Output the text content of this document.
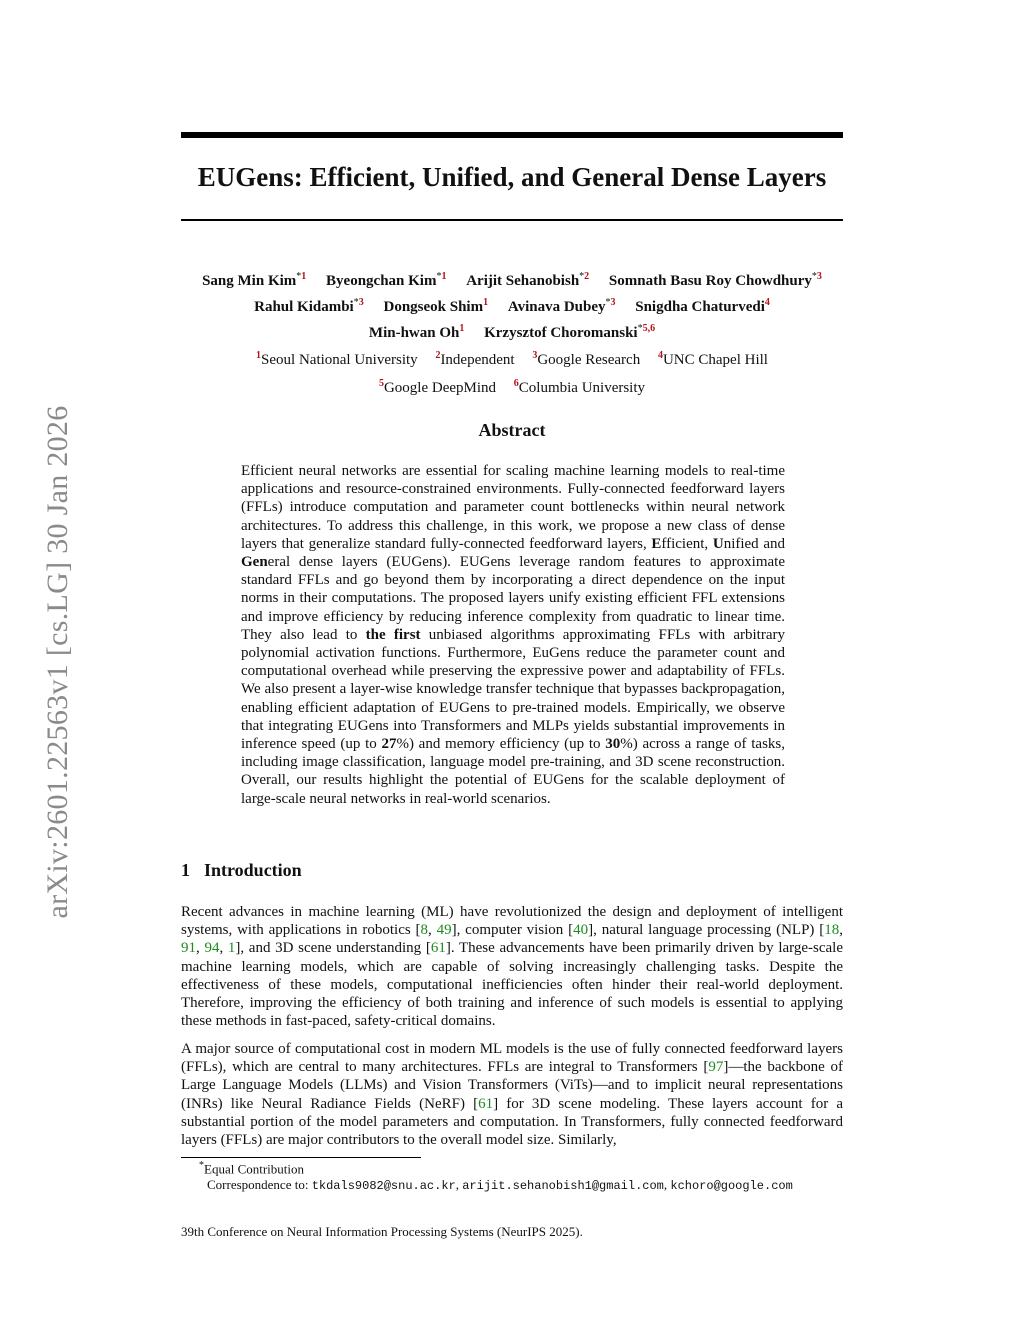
arXiv:2601.22563v1 [cs.LG] 30 Jan 2026
EUGens: Efficient, Unified, and General Dense Layers
Sang Min Kim$^{*1}$ Byeongchan Kim$^{*1}$ Arijit Sehanobish$^{*2}$ Somnath Basu Roy Chowdhury$^{*3}$
Rahul Kidambi$^{*3}$ Dongseok Shim$^1$ Avinava Dubey$^{*3}$ Snigdha Chaturvedi$^4$
Min-hwan Oh$^1$ Krzysztof Choromanski$^{*5,6}$
$^1$Seoul National University $^2$Independent $^3$Google Research $^4$UNC Chapel Hill
$^5$Google DeepMind $^6$Columbia University
Abstract

Efficient neural networks are essential for scaling machine learning models to real-time applications and resource-constrained environments. Fully-connected feedforward layers (FFLs) introduce computation and parameter count bottlenecks within neural network architectures. To address this challenge, in this work, we propose a new class of dense layers that generalize standard fully-connected feedforward layers, Efficient, Unified and General dense layers (EUGens). EUGens leverage random features to approximate standard FFLs and go beyond them by incorporating a direct dependence on the input norms in their computations. The proposed layers unify existing efficient FFL extensions and improve efficiency by reducing inference complexity from quadratic to linear time. They also lead to the first unbiased algorithms approximating FFLs with arbitrary polynomial activation functions. Furthermore, EuGens reduce the parameter count and computational overhead while preserving the expressive power and adaptability of FFLs. We also present a layer-wise knowledge transfer technique that bypasses backpropagation, enabling efficient adaptation of EUGens to pre-trained models. Empirically, we observe that integrating EUGens into Transformers and MLPs yields substantial improvements in inference speed (up to 27%) and memory efficiency (up to 30%) across a range of tasks, including image classification, language model pre-training, and 3D scene reconstruction. Overall, our results highlight the potential of EUGens for the scalable deployment of large-scale neural networks in real-world scenarios.

1 Introduction

Recent advances in machine learning (ML) have revolutionized the design and deployment of intelligent systems, with applications in robotics [8, 49], computer vision [40], natural language processing (NLP) [18, 91, 94, 1], and 3D scene understanding [61]. These advancements have been primarily driven by large-scale machine learning models, which are capable of solving increasingly challenging tasks. Despite the effectiveness of these models, computational inefficiencies often hinder their real-world deployment. Therefore, improving the efficiency of both training and inference of such models is essential to applying these methods in fast-paced, safety-critical domains.

A major source of computational cost in modern ML models is the use of fully connected feedforward layers (FFLs), which are central to many architectures. FFLs are integral to Transformers [97]—the backbone of Large Language Models (LLMs) and Vision Transformers (ViTs)—and to implicit neural representations (INRs) like Neural Radiance Fields (NeRF) [61] for 3D scene modeling. These layers account for a substantial portion of the model parameters and computation. In Transformers, fully connected feedforward layers (FFLs) are major contributors to the overall model size. Similarly,

*Equal Contribution

Correspondence to: tkdals9082@snu.ac.kr, arijit.sehanobish1@gmail.com, kchoro@google.com

39th Conference on Neural Information Processing Systems (NeurIPS 2025).
